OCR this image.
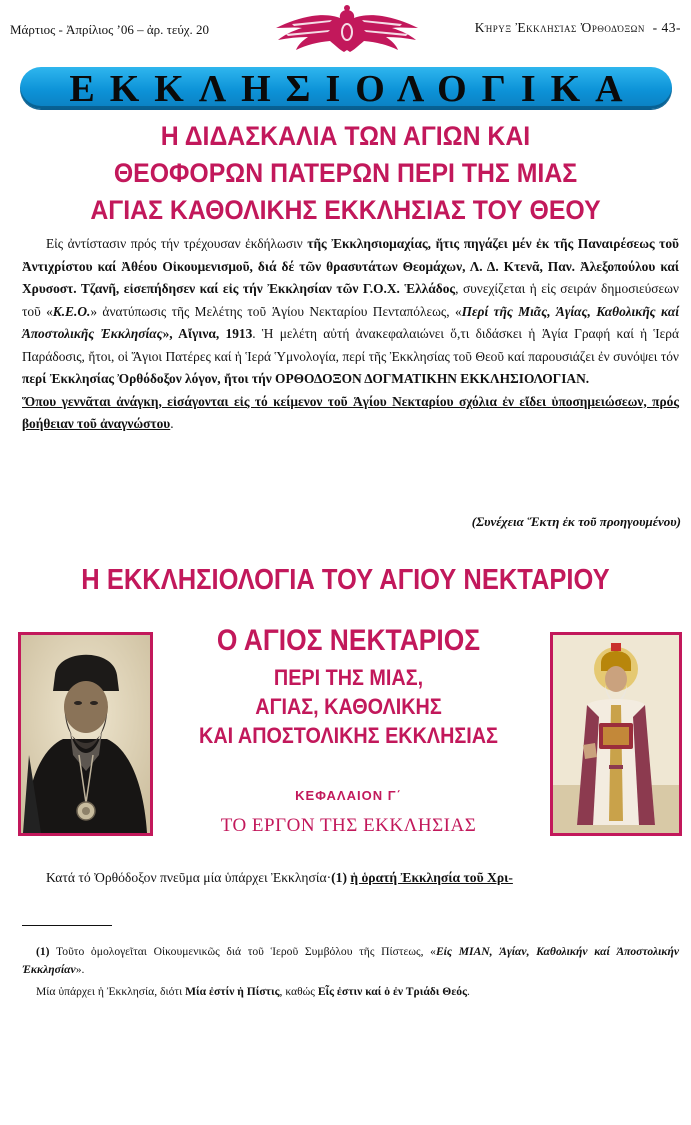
Μάρτιος - Ἀπρίλιος ’06 – ἀρ. τεύχ. 20	Κήρυξ Ἐκκλησίας Ὀρθοδόξων - 43-
ΕΚΚΛΗΣΙΟΛΟΓΙΚΑ
Η ΔΙΔΑΣΚΑΛΙΑ ΤΩΝ ΑΓΙΩΝ ΚΑΙ
ΘΕΟΦΟΡΩΝ ΠΑΤΕΡΩΝ ΠΕΡΙ ΤΗΣ ΜΙΑΣ
ΑΓΙΑΣ ΚΑΘΟΛΙΚΗΣ ΕΚΚΛΗΣΙΑΣ ΤΟΥ ΘΕΟΥ

Εἰς ἀντίστασιν πρός τήν τρέχουσαν ἐκδήλωσιν τῆς Ἐκκλησιομαχίας, ἥτις πηγάζει μέν ἐκ τῆς Παναιρέσεως τοῦ Ἀντιχρίστου καί Ἀθέου Οἰκουμενισμοῦ, διά δέ τῶν θρασυτάτων Θεομάχων, Λ. Δ. Κτενᾶ, Παν. Ἀλεξοπούλου καί Χρυσοστ. Τζανῆ, εἰσεπήδησεν καί εἰς τήν Ἐκκλησίαν τῶν Γ.Ο.Χ. Ἑλλάδος, συνεχίζεται ἡ εἰς σειράν δημοσιεύσεων τοῦ «Κ.Ε.Ο.» ἀνατύπωσις τῆς Μελέτης τοῦ Ἁγίου Νεκταρίου Πενταπόλεως, «Περί τῆς Μιᾶς, Ἁγίας, Καθολικῆς καί Ἀποστολικῆς Ἐκκλησίας», Αἴγινα, 1913. Ἡ μελέτη αὐτή ἀνακεφαλαιώνει ὅ,τι διδάσκει ἡ Ἁγία Γραφή καί ἡ Ἱερά Παράδοσις, ἤτοι, οἱ Ἅγιοι Πατέρες καί ἡ Ἱερά Ὑμνολογία, περί τῆς Ἐκκλησίας τοῦ Θεοῦ καί παρουσιάζει ἐν συνόψει τόν περί Ἐκκλησίας Ὀρθόδοξον λόγον, ἤτοι τήν ΟΡΘΟΔΟΞΟΝ ΔΟΓΜΑΤΙΚΗΝ ΕΚΚΛΗΣΙΟΛΟΓΙΑΝ.
Ὅπου γεννᾶται ἀνάγκη, εἰσάγονται εἰς τό κείμενον τοῦ Ἁγίου Νεκταρίου σχόλια ἐν εἴδει ὑποσημειώσεων, πρός βοήθειαν τοῦ ἀναγνώστου.

(Συνέχεια Ἕκτη ἐκ τοῦ προηγουμένου)
Η ΕΚΚΛΗΣΙΟΛΟΓΙΑ ΤΟΥ ΑΓΙΟΥ ΝΕΚΤΑΡΙΟΥ
Ο ΑΓΙΟΣ ΝΕΚΤΑΡΙΟΣ
ΠΕΡΙ ΤΗΣ ΜΙΑΣ,
ΑΓΙΑΣ, ΚΑΘΟΛΙΚΗΣ
ΚΑΙ ΑΠΟΣΤΟΛΙΚΗΣ ΕΚΚΛΗΣΙΑΣ
ΚΕΦΑΛΑΙΟΝ Γ΄
ΤΟ ΕΡΓΟΝ ΤΗΣ ΕΚΚΛΗΣΙΑΣ
Κατά τό Ὀρθόδοξον πνεῦμα μία ὑπάρχει Ἐκκλησία·(1) ἡ ὁρατή Ἐκκλησία τοῦ Χρι-

(1) Τοῦτο ὁμολογεῖται Οἰκουμενικῶς διά τοῦ Ἱεροῦ Συμβόλου τῆς Πίστεως, «Εἰς ΜΙΑΝ, Ἁγίαν, Καθολικήν καί Ἀποστολικήν Ἐκκλησίαν».

Μία ὑπάρχει ἡ Ἐκκλησία, διότι Μία ἐστίν ἡ Πίστις, καθώς Εἷς ἐστιν καί ὁ ἐν Τριάδι Θεός.
